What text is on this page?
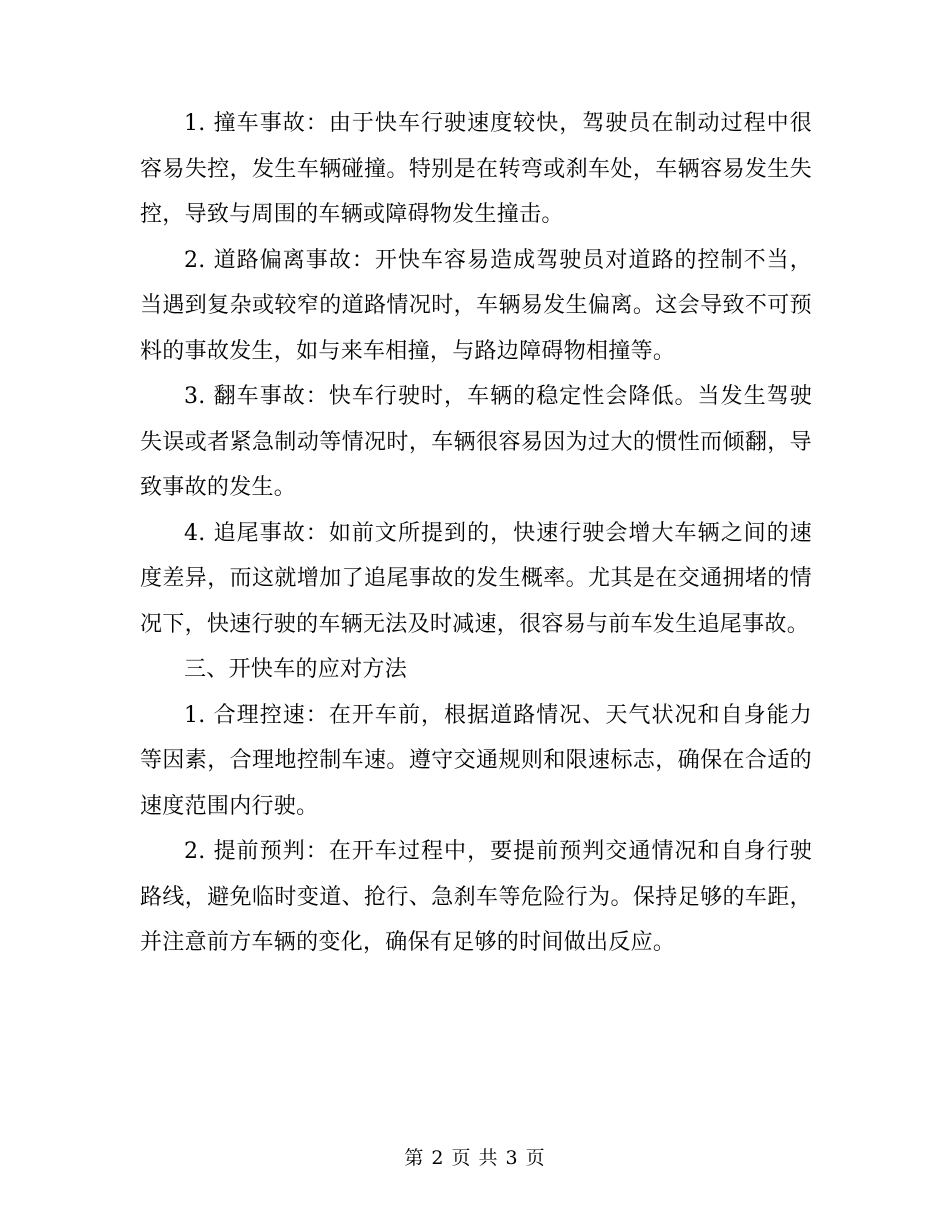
1. 撞车事故：由于快车行驶速度较快，驾驶员在制动过程中很容易失控，发生车辆碰撞。特别是在转弯或刹车处，车辆容易发生失控，导致与周围的车辆或障碍物发生撞击。

2. 道路偏离事故：开快车容易造成驾驶员对道路的控制不当，当遇到复杂或较窄的道路情况时，车辆易发生偏离。这会导致不可预料的事故发生，如与来车相撞，与路边障碍物相撞等。

3. 翻车事故：快车行驶时，车辆的稳定性会降低。当发生驾驶失误或者紧急制动等情况时，车辆很容易因为过大的惯性而倾翻，导致事故的发生。

4. 追尾事故：如前文所提到的，快速行驶会增大车辆之间的速度差异，而这就增加了追尾事故的发生概率。尤其是在交通拥堵的情况下，快速行驶的车辆无法及时减速，很容易与前车发生追尾事故。

三、开快车的应对方法

1. 合理控速：在开车前，根据道路情况、天气状况和自身能力等因素，合理地控制车速。遵守交通规则和限速标志，确保在合适的速度范围内行驶。

2. 提前预判：在开车过程中，要提前预判交通情况和自身行驶路线，避免临时变道、抢行、急刹车等危险行为。保持足够的车距，并注意前方车辆的变化，确保有足够的时间做出反应。

第 2 页 共 3 页
